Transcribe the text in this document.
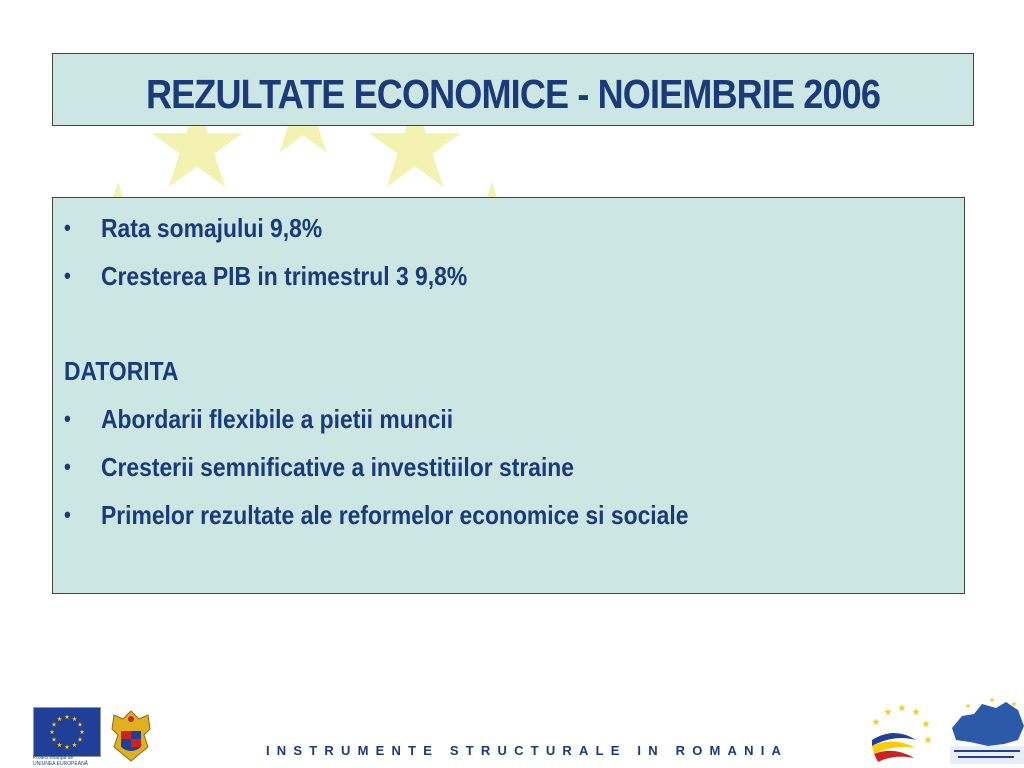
REZULTATE ECONOMICE - NOIEMBRIE 2006
• Rata somajului 9,8%
• Cresterea PIB in trimestrul 3 9,8%
DATORITA
• Abordarii flexibile a pietii muncii
• Cresterii semnificative a investitiilor straine
• Primelor rezultate ale reformelor economice si sociale
Proiect finanţat de
UNIUNEA EUROPEANĂ
INSTRUMENTE STRUCTURALE IN ROMANIA
